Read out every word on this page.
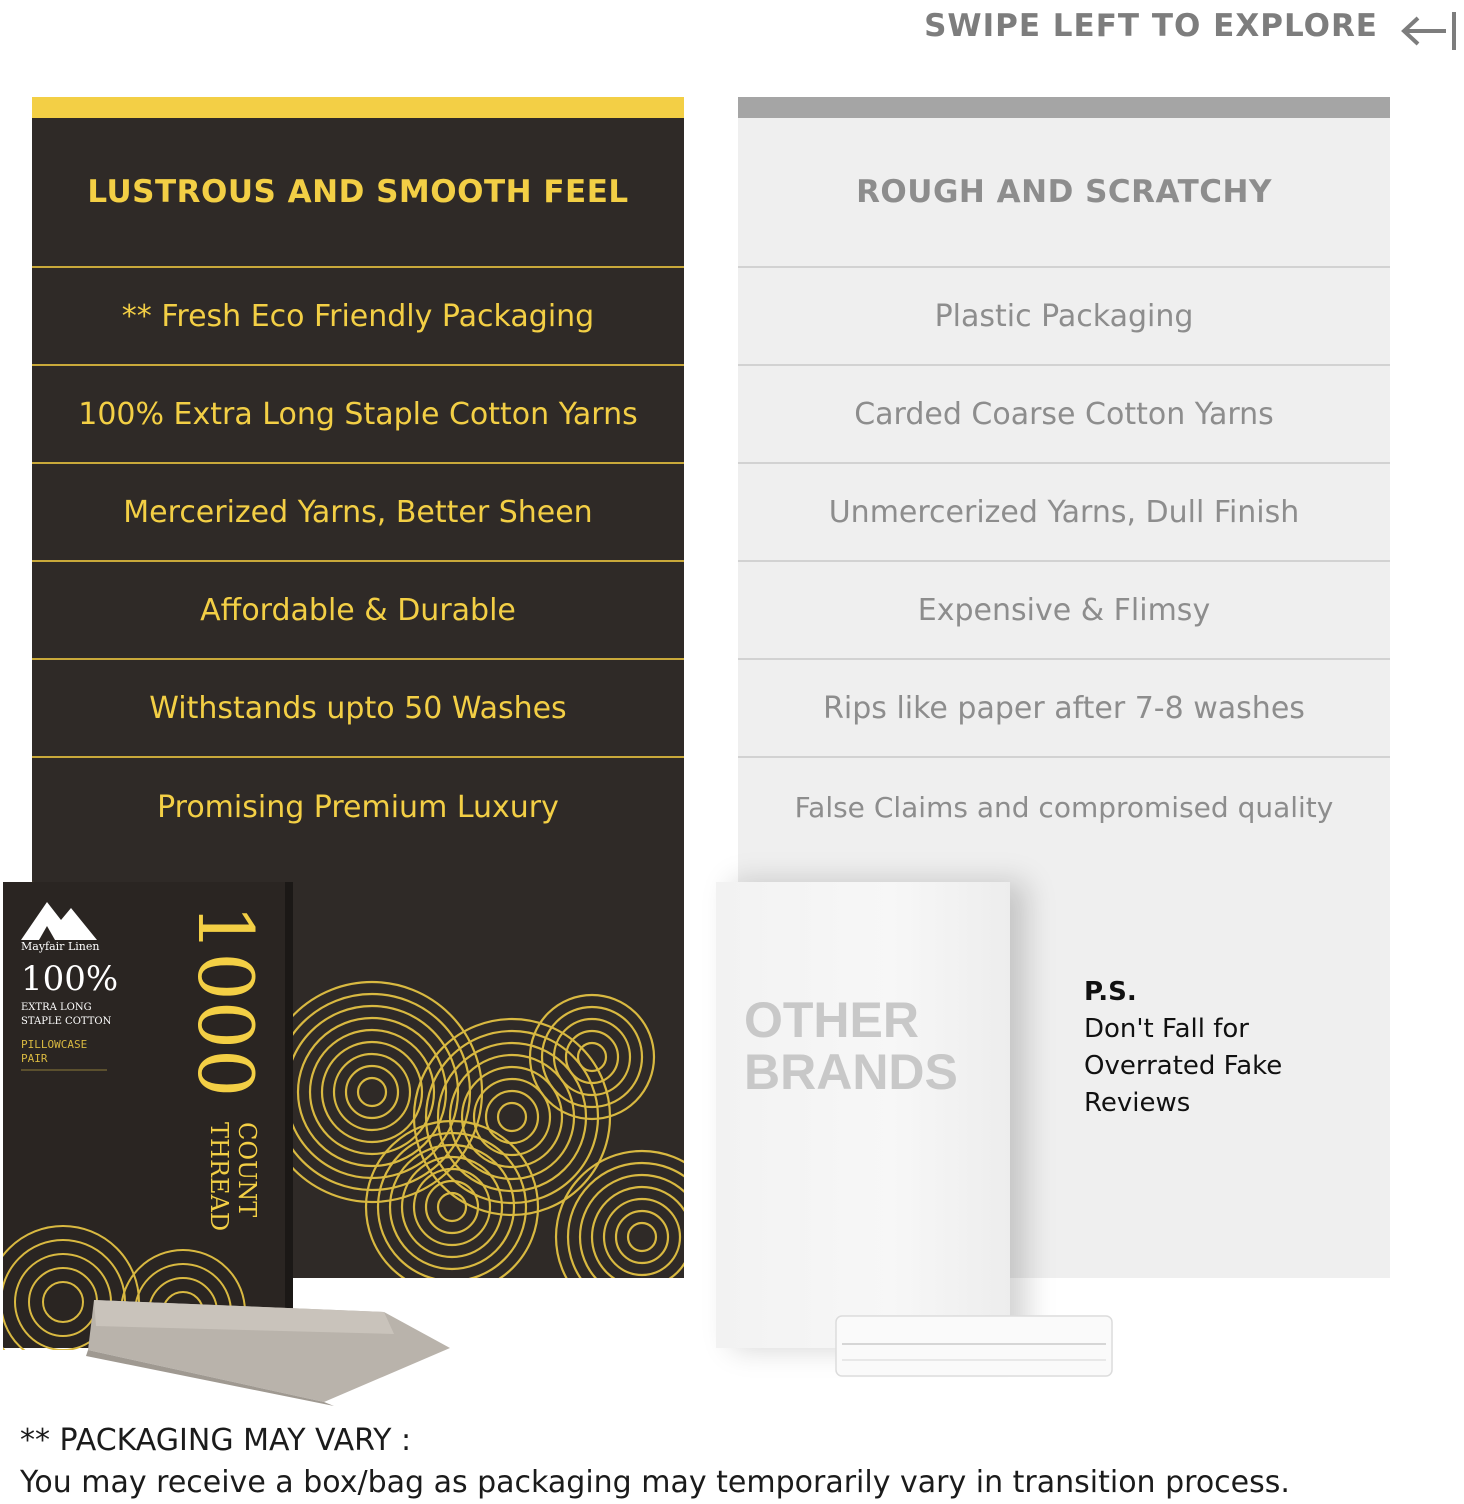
SWIPE LEFT TO EXPLORE
LUSTROUS AND SMOOTH FEEL
** Fresh Eco Friendly Packaging
100% Extra Long Staple Cotton Yarns
Mercerized Yarns, Better Sheen
Affordable & Durable
Withstands upto 50 Washes
Promising Premium Luxury
ROUGH AND SCRATCHY
Plastic Packaging
Carded Coarse Cotton Yarns
Unmercerized Yarns, Dull Finish
Expensive & Flimsy
Rips like paper after 7-8 washes
False Claims and compromised quality
Mayfair Linen
100%
EXTRA LONG
STAPLE COTTON
PILLOWCASE
PAIR 1000
THREAD COUNT
OTHER
BRANDS
P.S.
Don't Fall for
Overrated Fake
Reviews
** PACKAGING MAY VARY :
You may receive a box/bag as packaging may temporarily vary in transition process.
